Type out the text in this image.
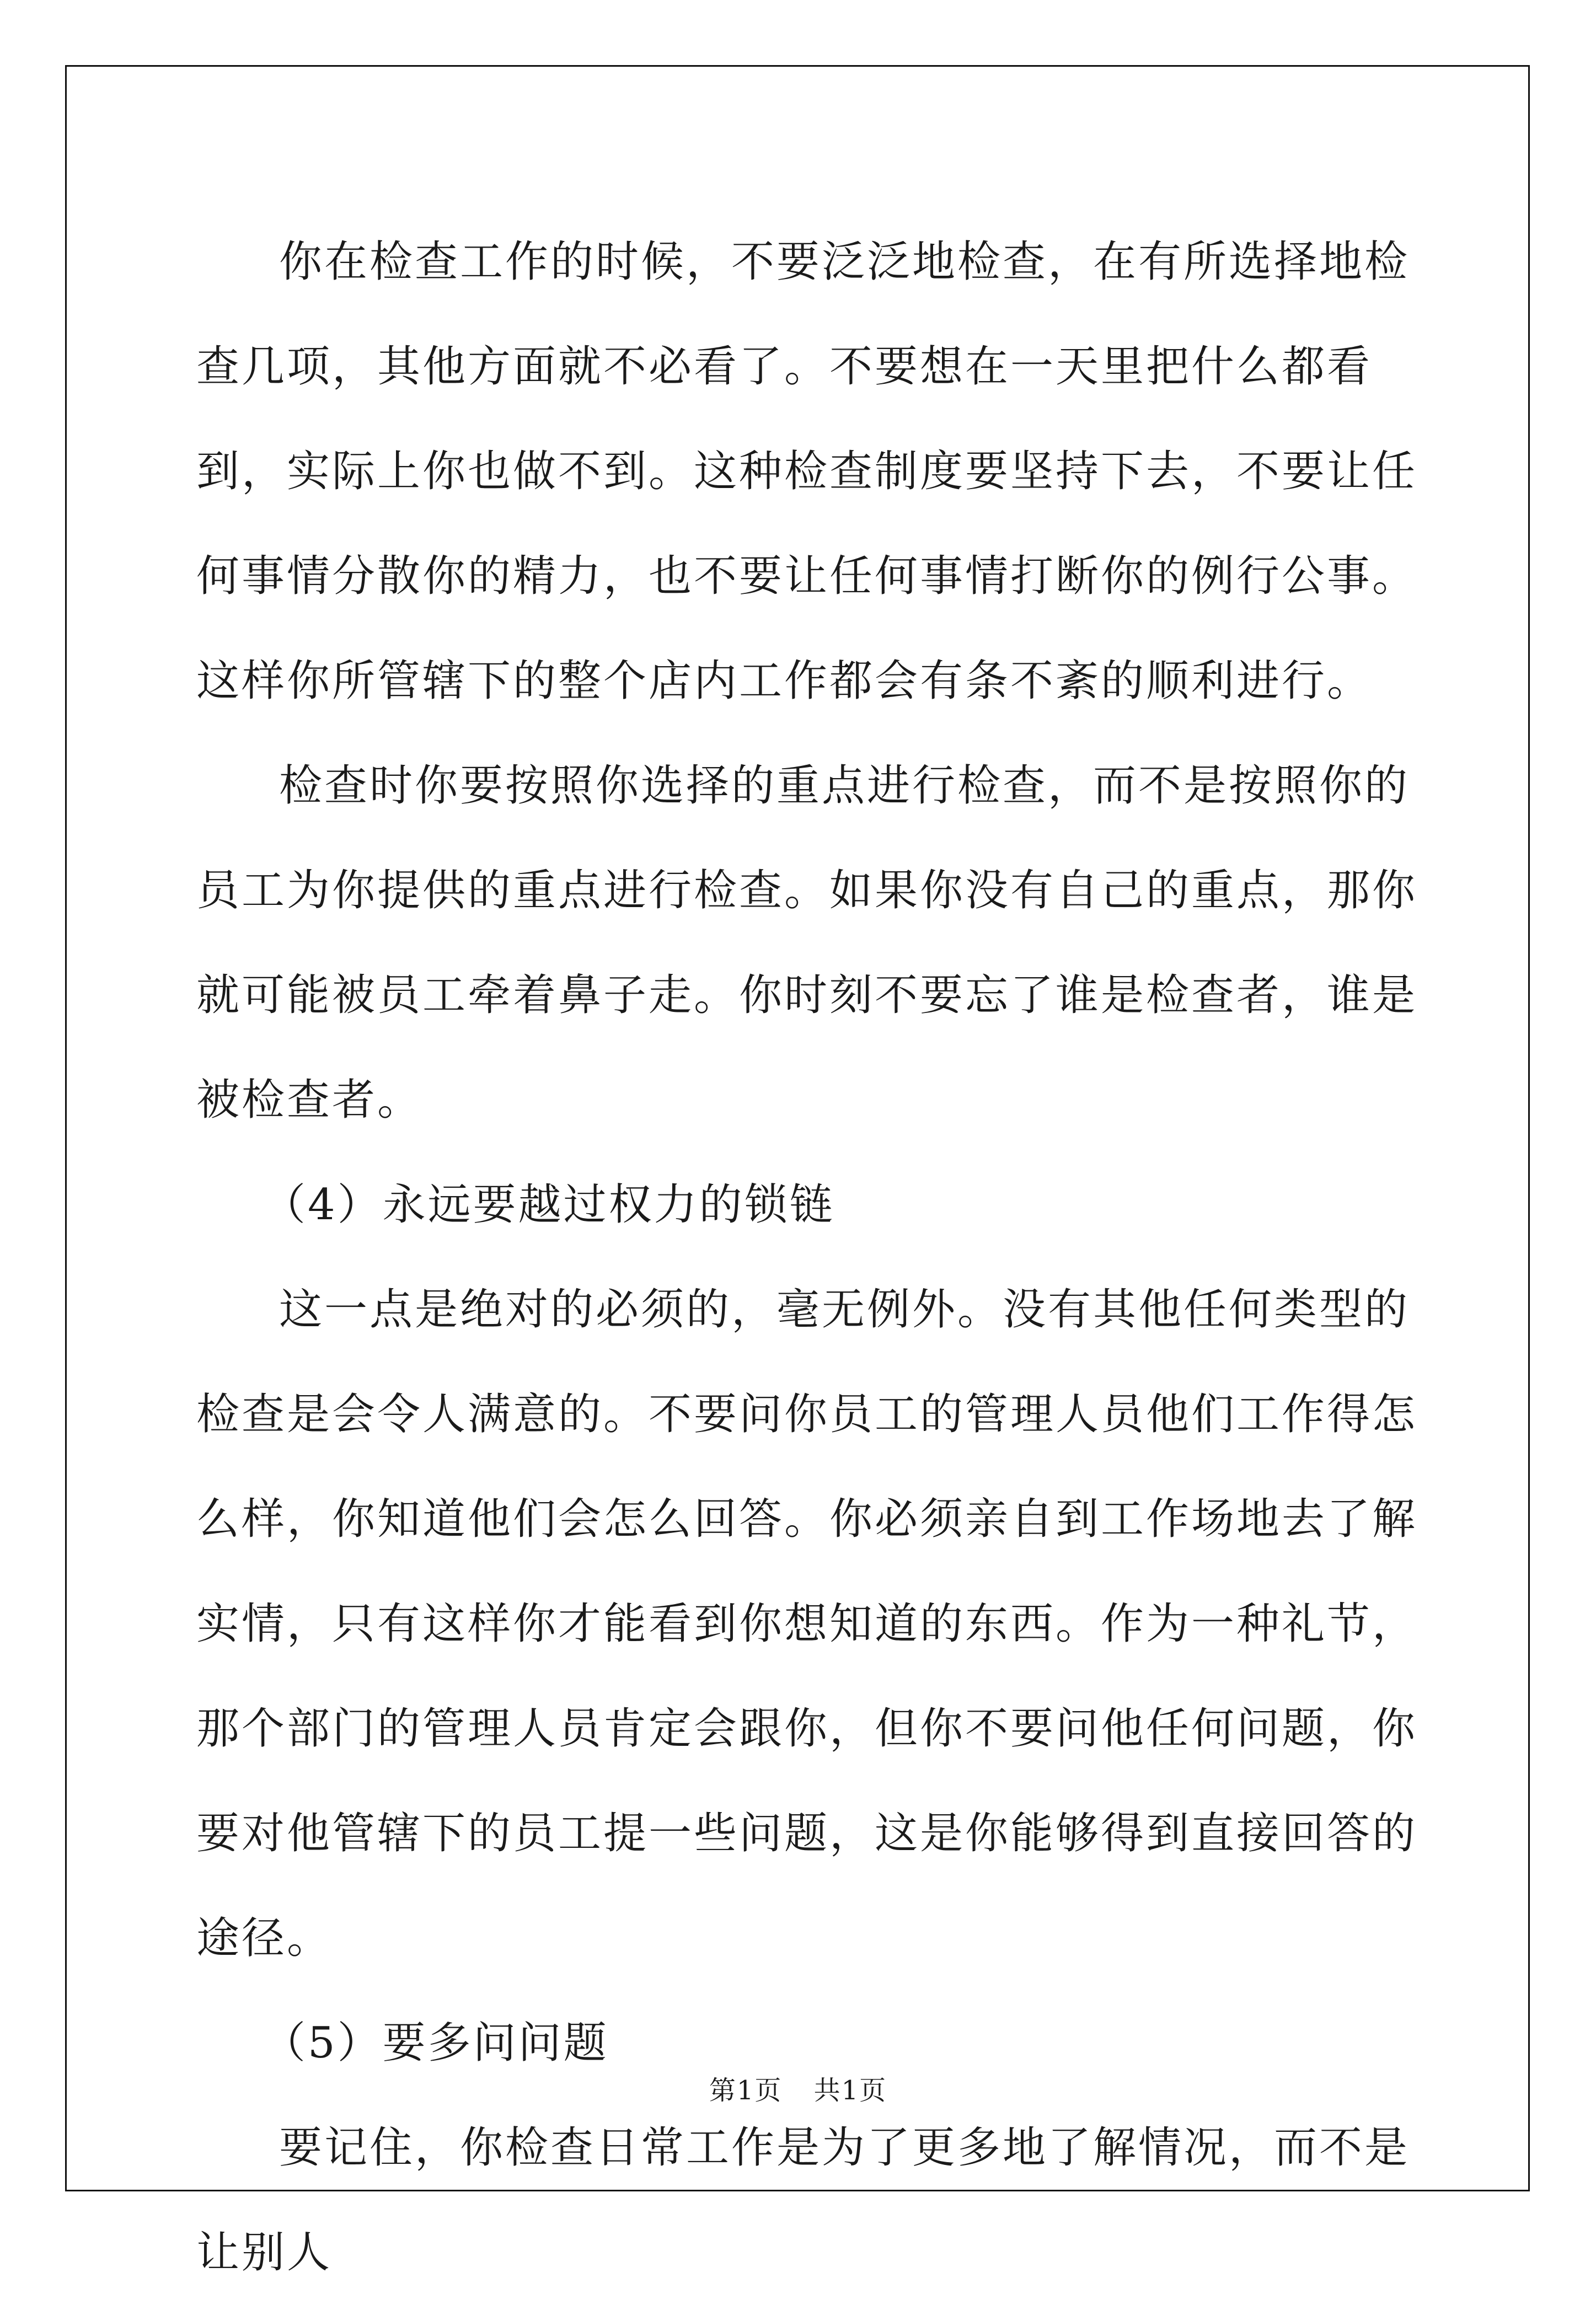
你在检查工作的时候，不要泛泛地检查，在有所选择地检查几项，其他方面就不必看了。不要想在一天里把什么都看到，实际上你也做不到。这种检查制度要坚持下去，不要让任何事情分散你的精力，也不要让任何事情打断你的例行公事。这样你所管辖下的整个店内工作都会有条不紊的顺利进行。

检查时你要按照你选择的重点进行检查，而不是按照你的员工为你提供的重点进行检查。如果你没有自己的重点，那你就可能被员工牵着鼻子走。你时刻不要忘了谁是检查者，谁是被检查者。

（4）永远要越过权力的锁链

这一点是绝对的必须的，毫无例外。没有其他任何类型的检查是会令人满意的。不要问你员工的管理人员他们工作得怎么样，你知道他们会怎么回答。你必须亲自到工作场地去了解实情，只有这样你才能看到你想知道的东西。作为一种礼节，那个部门的管理人员肯定会跟你，但你不要问他任何问题，你要对他管辖下的员工提一些问题，这是你能够得到直接回答的途径。

（5）要多问问题

要记住，你检查日常工作是为了更多地了解情况，而不是让别人

第1页 共1页
